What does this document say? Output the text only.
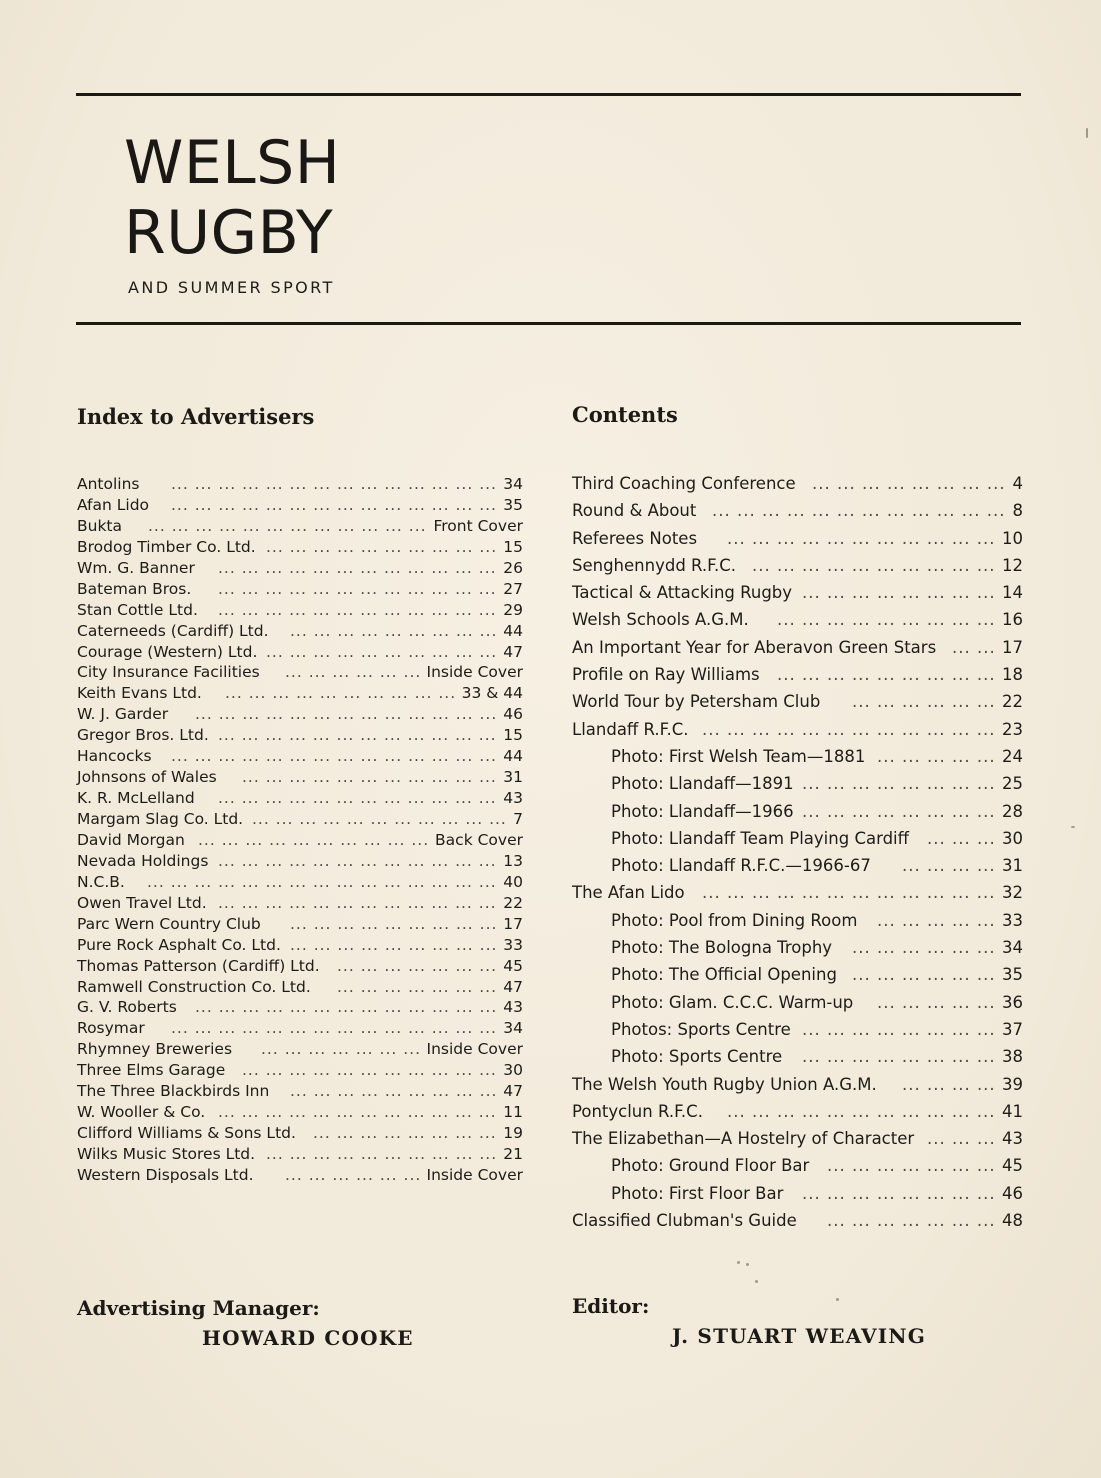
WELSH
RUGBY
AND SUMMER SPORT
Index to Advertisers
Antolins ... ... ... ... ... ... ... ... ... ... ... ... ... ... 34
Afan Lido ... ... ... ... ... ... ... ... ... ... ... ... ... ... 35
Bukta ... ... ... ... ... ... ... ... ... ... ... ... Front Cover
Brodog Timber Co. Ltd. ... ... ... ... ... ... ... ... ... ... 15
Wm. G. Banner ... ... ... ... ... ... ... ... ... ... ... ... 26
Bateman Bros. ... ... ... ... ... ... ... ... ... ... ... ... 27
Stan Cottle Ltd. ... ... ... ... ... ... ... ... ... ... ... ... 29
Caterneeds (Cardiff) Ltd. ... ... ... ... ... ... ... ... ... 44
Courage (Western) Ltd. ... ... ... ... ... ... ... ... ... ... 47
City Insurance Facilities ... ... ... ... ... ... Inside Cover
Keith Evans Ltd. ... ... ... ... ... ... ... ... ... ... 33 & 44
W. J. Garder ... ... ... ... ... ... ... ... ... ... ... ... ... 46
Gregor Bros. Ltd. ... ... ... ... ... ... ... ... ... ... ... ... 15
Hancocks ... ... ... ... ... ... ... ... ... ... ... ... ... ... 44
Johnsons of Wales ... ... ... ... ... ... ... ... ... ... ... 31
K. R. McLelland ... ... ... ... ... ... ... ... ... ... ... ... 43
Margam Slag Co. Ltd. ... ... ... ... ... ... ... ... ... ... ... 7
David Morgan ... ... ... ... ... ... ... ... ... ... Back Cover
Nevada Holdings ... ... ... ... ... ... ... ... ... ... ... ... 13
N.C.B. ... ... ... ... ... ... ... ... ... ... ... ... ... ... ... 40
Owen Travel Ltd. ... ... ... ... ... ... ... ... ... ... ... ... 22
Parc Wern Country Club ... ... ... ... ... ... ... ... ... 17
Pure Rock Asphalt Co. Ltd. ... ... ... ... ... ... ... ... ... 33
Thomas Patterson (Cardiff) Ltd. ... ... ... ... ... ... ... 45
Ramwell Construction Co. Ltd. ... ... ... ... ... ... ... 47
G. V. Roberts ... ... ... ... ... ... ... ... ... ... ... ... ... 43
Rosymar ... ... ... ... ... ... ... ... ... ... ... ... ... ... 34
Rhymney Breweries ... ... ... ... ... ... ... Inside Cover
Three Elms Garage ... ... ... ... ... ... ... ... ... ... ... 30
The Three Blackbirds Inn ... ... ... ... ... ... ... ... ... 47
W. Wooller & Co. ... ... ... ... ... ... ... ... ... ... ... ... 11
Clifford Williams & Sons Ltd. ... ... ... ... ... ... ... ... 19
Wilks Music Stores Ltd. ... ... ... ... ... ... ... ... ... ... 21
Western Disposals Ltd. ... ... ... ... ... ... Inside Cover
Contents
Third Coaching Conference ... ... ... ... ... ... ... ... 4
Round & About ... ... ... ... ... ... ... ... ... ... ... ... 8
Referees Notes ... ... ... ... ... ... ... ... ... ... ... 10
Senghennydd R.F.C. ... ... ... ... ... ... ... ... ... ... 12
Tactical & Attacking Rugby ... ... ... ... ... ... ... ... 14
Welsh Schools A.G.M. ... ... ... ... ... ... ... ... ... 16
An Important Year for Aberavon Green Stars ... ... 17
Profile on Ray Williams ... ... ... ... ... ... ... ... ... 18
World Tour by Petersham Club ... ... ... ... ... ... 22
Llandaff R.F.C. ... ... ... ... ... ... ... ... ... ... ... ... 23
Photo: First Welsh Team—1881 ... ... ... ... ... 24
Photo: Llandaff—1891 ... ... ... ... ... ... ... ... 25
Photo: Llandaff—1966 ... ... ... ... ... ... ... ... 28
Photo: Llandaff Team Playing Cardiff ... ... ... 30
Photo: Llandaff R.F.C.—1966-67 ... ... ... ... 31
The Afan Lido ... ... ... ... ... ... ... ... ... ... ... ... 32
Photo: Pool from Dining Room ... ... ... ... ... 33
Photo: The Bologna Trophy ... ... ... ... ... ... 34
Photo: The Official Opening ... ... ... ... ... ... 35
Photo: Glam. C.C.C. Warm-up ... ... ... ... ... 36
Photos: Sports Centre ... ... ... ... ... ... ... ... 37
Photo: Sports Centre ... ... ... ... ... ... ... ... 38
The Welsh Youth Rugby Union A.G.M. ... ... ... ... 39
Pontyclun R.F.C. ... ... ... ... ... ... ... ... ... ... ... 41
The Elizabethan—A Hostelry of Character ... ... ... 43
Photo: Ground Floor Bar ... ... ... ... ... ... ... 45
Photo: First Floor Bar ... ... ... ... ... ... ... ... 46
Classified Clubman's Guide ... ... ... ... ... ... ... 48
Advertising Manager:
HOWARD COOKE
Editor:
J. STUART WEAVING
